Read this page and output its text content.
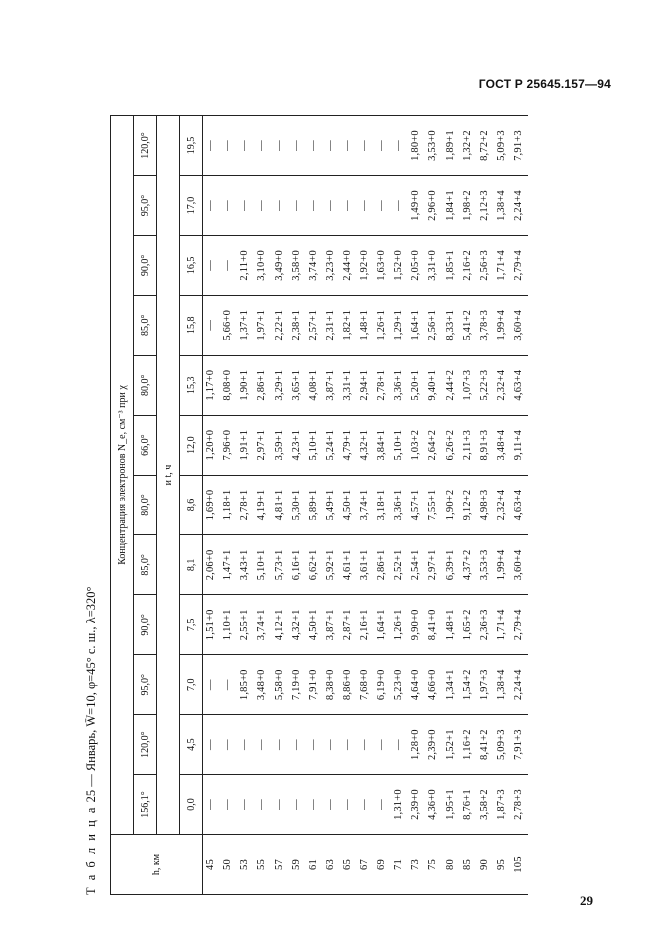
ГОСТ Р 25645.157—94
Т а б л и ц а 25 — Январь, W̄=10, φ=45° с. ш., λ=320°
h, км	Концентрация электронов N_e, см⁻³ при χ											
	156,1°	120,0°	95,0°	90,0°	85,0°	80,0°	66,0°	80,0°	85,0°	90,0°	95,0°	120,0°
	и t, ч											
	0,0	4,5	7,0	7,5	8,1	8,6	12,0	15,3	15,8	16,5	17,0	19,5
45	—	—	—	1,51+0	2,06+0	1,69+0	1,20+0	1,17+0	—	—	—	—
50	—	—	—	1,10+1	1,47+1	1,18+1	7,96+0	8,08+0	5,66+0	—	—	—
53	—	—	1,85+0	2,55+1	3,43+1	2,78+1	1,91+1	1,90+1	1,37+1	2,11+0	—	—
55	—	—	3,48+0	3,74+1	5,10+1	4,19+1	2,97+1	2,86+1	1,97+1	3,10+0	—	—
57	—	—	5,58+0	4,12+1	5,73+1	4,81+1	3,59+1	3,29+1	2,22+1	3,49+0	—	—
59	—	—	7,19+0	4,32+1	6,16+1	5,30+1	4,23+1	3,65+1	2,38+1	3,58+0	—	—
61	—	—	7,91+0	4,50+1	6,62+1	5,89+1	5,10+1	4,08+1	2,57+1	3,74+0	—	—
63	—	—	8,38+0	3,87+1	5,92+1	5,49+1	5,24+1	3,87+1	2,31+1	3,23+0	—	—
65	—	—	8,86+0	2,87+1	4,61+1	4,50+1	4,79+1	3,31+1	1,82+1	2,44+0	—	—
67	—	—	7,68+0	2,16+1	3,61+1	3,74+1	4,32+1	2,94+1	1,48+1	1,92+0	—	—
69	—	—	6,19+0	1,64+1	2,86+1	3,18+1	3,84+1	2,78+1	1,26+1	1,63+0	—	—
71	1,31+0	—	5,23+0	1,26+1	2,52+1	3,36+1	5,10+1	3,36+1	1,29+1	1,52+0	—	—
73	2,39+0	1,28+0	4,64+0	9,90+0	2,54+1	4,57+1	1,03+2	5,20+1	1,64+1	2,05+0	1,49+0	1,80+0
75	4,36+0	2,39+0	4,66+0	8,41+0	2,97+1	7,55+1	2,64+2	9,40+1	2,56+1	3,31+0	2,96+0	3,53+0
80	1,95+1	1,52+1	1,34+1	1,48+1	6,39+1	1,90+2	6,26+2	2,44+2	8,33+1	1,85+1	1,84+1	1,89+1
85	8,76+1	1,16+2	1,54+2	1,65+2	4,37+2	9,12+2	2,11+3	1,07+3	5,41+2	2,16+2	1,98+2	1,32+2
90	3,58+2	8,41+2	1,97+3	2,36+3	3,53+3	4,98+3	8,91+3	5,22+3	3,78+3	2,56+3	2,12+3	8,72+2
95	1,87+3	5,09+3	1,38+4	1,71+4	1,99+4	2,32+4	3,48+4	2,32+4	1,99+4	1,71+4	1,38+4	5,09+3
105	2,78+3	7,91+3	2,24+4	2,79+4	3,60+4	4,63+4	9,11+4	4,63+4	3,60+4	2,79+4	2,24+4	7,91+3
29
